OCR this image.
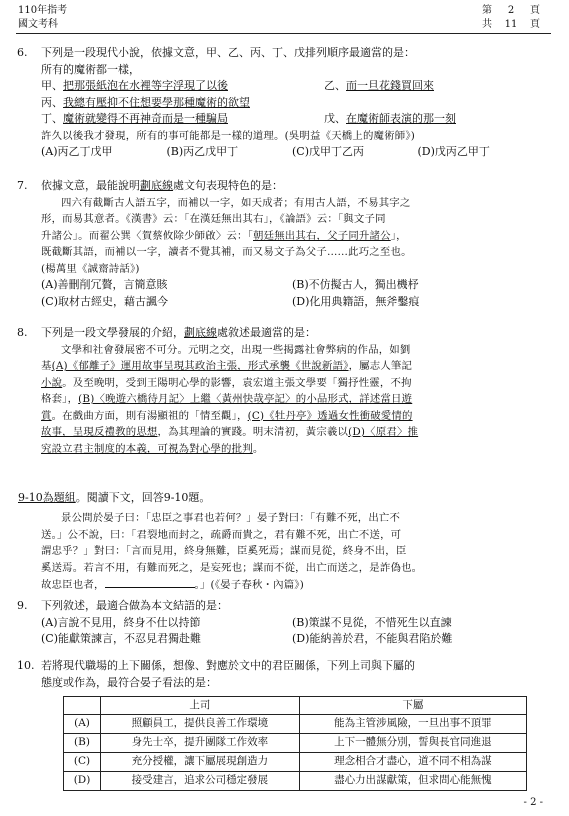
110年指考
國文考科
第 2 頁
共 11 頁
6. 下列是一段現代小說，依據文意，甲、乙、丙、丁、戊排列順序最適當的是：
所有的魔術都一樣，
甲、把那張紙泡在水裡等字浮現了以後	乙、而一旦花錢買回來
丙、我總有壓抑不住想要學那種魔術的欲望
丁、魔術就變得不再神奇而是一種騙局	戊、在魔術師表演的那一刻
許久以後我才發現，所有的事可能都是一樣的道理。(吳明益《天橋上的魔術師》)
(A)丙乙丁戊甲	(B)丙乙戊甲丁	(C)戊甲丁乙丙	(D)戊丙乙甲丁
7. 依據文意，最能說明劃底線處文句表現特色的是：
四六有截斷古人語五字，而補以一字，如天成者；有用古人語，不易其字之
形，而易其意者。《漢書》云：「在漢廷無出其右」，《論語》云：「與文子同
升諸公」。而翟公巽〈賀蔡攸除少師啟〉云：「朝廷無出其右，父子同升諸公」，
既截斷其語，而補以一字，讀者不覺其補，而又易文子為父子……此巧之至也。
(楊萬里《誠齋詩話》)
(A)善刪削冗贅，言簡意賅	(B)不仿擬古人，獨出機杼
(C)取材古經史，藉古諷今	(D)化用典籍語，無斧鑿痕
8. 下列是一段文學發展的介紹，劃底線處敘述最適當的是：
文學和社會發展密不可分。元明之交，出現一些揭露社會弊病的作品，如劉
基(A)《郁離子》運用故事呈現其政治主張，形式承襲《世說新語》，屬志人筆記
小說。及至晚明，受到王陽明心學的影響，袁宏道主張文學要「獨抒性靈，不拘
格套」，(B)〈晚遊六橋待月記〉上繼〈黃州快哉亭記〉的小品形式，詳述當日遊
賞。在戲曲方面，則有湯顯祖的「情至觀」，(C)《牡丹亭》透過女性衝破愛情的
故事，呈現反禮教的思想，為其理論的實踐。明末清初，黃宗羲以(D)〈原君〉推
究設立君主制度的本義，可視為對心學的批判。
9-10為題組。閱讀下文，回答9-10題。
景公問於晏子曰：「忠臣之事君也若何？」晏子對曰：「有難不死，出亡不
送。」公不說，曰：「君裂地而封之，疏爵而貴之，君有難不死，出亡不送，可
謂忠乎？」對曰：「言而見用，終身無難，臣奚死焉；謀而見從，終身不出，臣
奚送焉。若言不用，有難而死之，是妄死也；謀而不從，出亡而送之，是詐偽也。
故忠臣也者，	。」(《晏子春秋・內篇》)
9. 下列敘述，最適合做為本文結語的是：
(A)言說不見用，終身不仕以持節	(B)策謀不見從，不惜死生以直諫
(C)能獻策諫言，不忍見君獨赴難	(D)能納善於君，不能與君陷於難
10. 若將現代職場的上下關係，想像、對應於文中的君臣關係，下列上司與下屬的
態度或作為，最符合晏子看法的是：
	上司	下屬
(A)	照顧員工，提供良善工作環境	能為主管涉風險，一旦出事不頂罪
(B)	身先士卒，提升團隊工作效率	上下一體無分別，誓與長官同進退
(C)	充分授權，讓下屬展現創造力	理念相合才盡心，道不同不相為謀
(D)	接受建言，追求公司穩定發展	盡心力出謀獻策，但求問心能無愧
- 2 -
